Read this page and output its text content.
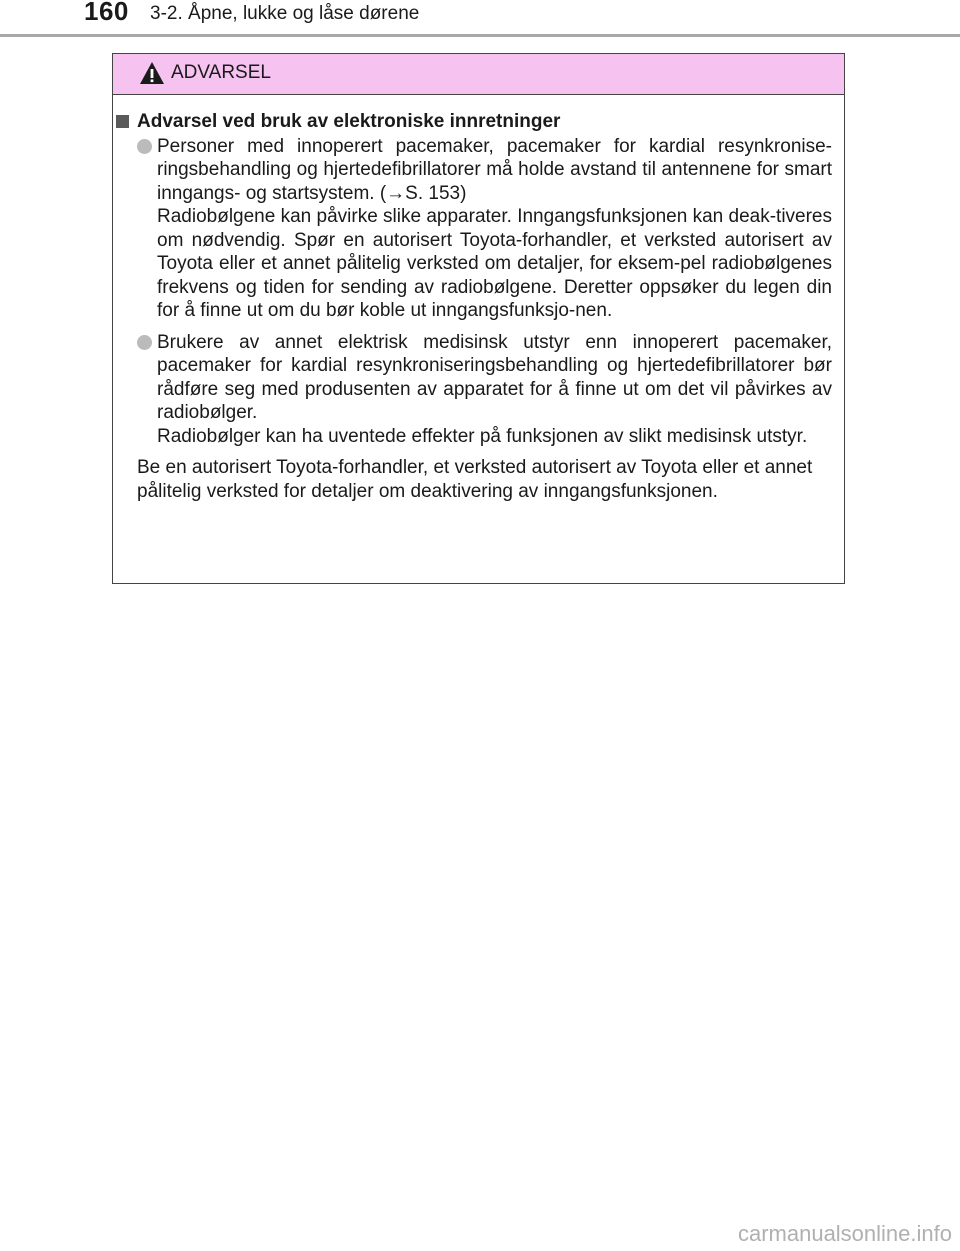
160 3-2. Åpne, lukke og låse dørene
ADVARSEL
Advarsel ved bruk av elektroniske innretninger

Personer med innoperert pacemaker, pacemaker for kardial resynkronise-ringsbehandling og hjertedefibrillatorer må holde avstand til antennene for smart inngangs- og startsystem. (→S. 153)

Radiobølgene kan påvirke slike apparater. Inngangsfunksjonen kan deak-tiveres om nødvendig. Spør en autorisert Toyota-forhandler, et verksted autorisert av Toyota eller et annet pålitelig verksted om detaljer, for eksem-pel radiobølgenes frekvens og tiden for sending av radiobølgene. Deretter oppsøker du legen din for å finne ut om du bør koble ut inngangsfunksjo-nen.

Brukere av annet elektrisk medisinsk utstyr enn innoperert pacemaker, pacemaker for kardial resynkroniseringsbehandling og hjertedefibrillatorer bør rådføre seg med produsenten av apparatet for å finne ut om det vil påvirkes av radiobølger.

Radiobølger kan ha uventede effekter på funksjonen av slikt medisinsk utstyr.

Be en autorisert Toyota-forhandler, et verksted autorisert av Toyota eller et annet pålitelig verksted for detaljer om deaktivering av inngangsfunksjonen.
carmanualsonline.info
